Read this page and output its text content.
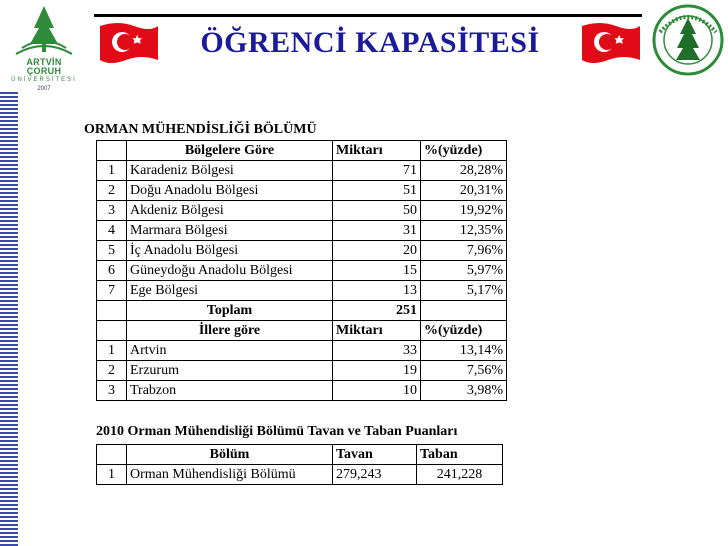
ARTVİN ÇORUH
ÜNİVERSİTESİ
2007
ÖĞRENCİ KAPASİTESİ
ORMAN MÜHENDİSLİĞİ BÖLÜMÜ
	Bölgelere Göre	Miktarı	%(yüzde)
1	Karadeniz Bölgesi	71	28,28%
2	Doğu Anadolu Bölgesi	51	20,31%
3	Akdeniz Bölgesi	50	19,92%
4	Marmara Bölgesi	31	12,35%
5	İç Anadolu Bölgesi	20	7,96%
6	Güneydoğu Anadolu Bölgesi	15	5,97%
7	Ege Bölgesi	13	5,17%
	Toplam	251	
	İllere göre	Miktarı	%(yüzde)
1	Artvin	33	13,14%
2	Erzurum	19	7,56%
3	Trabzon	10	3,98%
2010 Orman Mühendisliği Bölümü Tavan ve Taban Puanları
	Bölüm	Tavan	Taban
1	Orman Mühendisliği Bölümü	279,243	241,228
